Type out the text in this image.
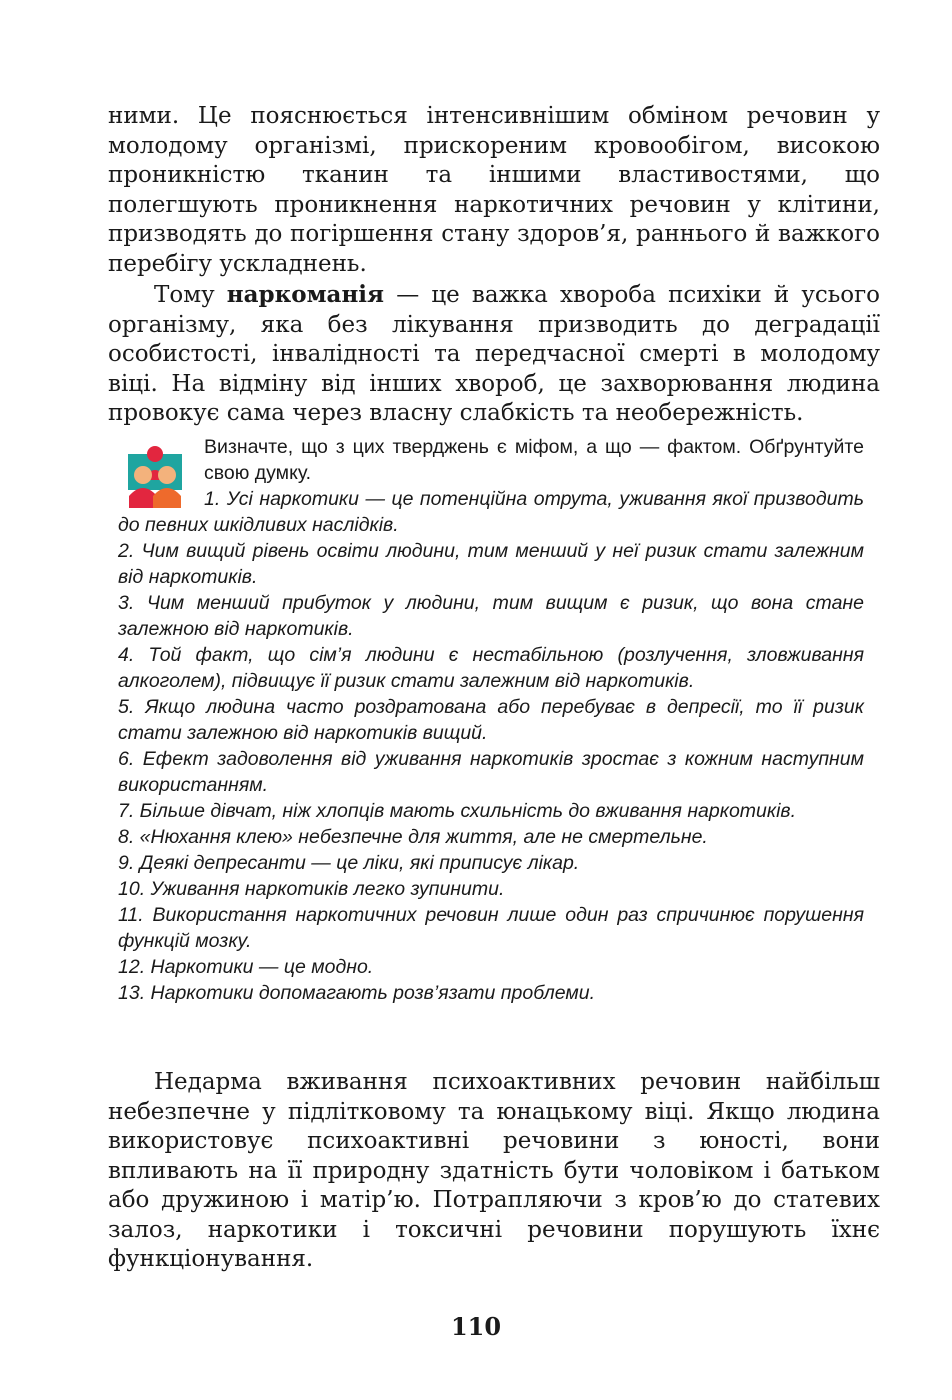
ними. Це пояснюється інтенсивнішим обміном речовин у молодому організмі, прискореним кровообігом, високою проникністю тканин та іншими властивостями, що полегшують проникнення наркотичних речовин у клітини, призводять до погіршення стану здоров’я, раннього й важкого перебігу ускладнень.

Тому наркоманія — це важка хвороба психіки й усього організму, яка без лікування призводить до деградації особистості, інвалідності та передчасної смерті в молодому віці. На відміну від інших хвороб, це захворювання людина провокує сама через власну слабкість та необережність.

Визначте, що з цих тверджень є міфом, а що — фактом. Обґрунтуйте свою думку.

1. Усі наркотики — це потенційна отрута, уживання якої призводить до певних шкідливих наслідків.
2. Чим вищий рівень освіти людини, тим менший у неї ризик стати залежним від наркотиків.
3. Чим менший прибуток у людини, тим вищим є ризик, що вона стане залежною від наркотиків.
4. Той факт, що сім’я людини є нестабільною (розлучення, зловживання алкоголем), підвищує її ризик стати залежним від наркотиків.
5. Якщо людина часто роздратована або перебуває в депресії, то її ризик стати залежною від наркотиків вищий.
6. Ефект задоволення від уживання наркотиків зростає з кожним наступним використанням.
7. Більше дівчат, ніж хлопців мають схильність до вживання наркотиків.
8. «Нюхання клею» небезпечне для життя, але не смертельне.
9. Деякі депресанти — це ліки, які приписує лікар.
10. Уживання наркотиків легко зупинити.
11. Використання наркотичних речовин лише один раз спричинює порушення функцій мозку.
12. Наркотики — це модно.
13. Наркотики допомагають розв’язати проблеми.

Недарма вживання психоактивних речовин найбільш небезпечне у підлітковому та юнацькому віці. Якщо людина використовує психоактивні речовини з юності, вони впливають на її природну здатність бути чоловіком і батьком або дружиною і матір’ю. Потрапляючи з кров’ю до статевих залоз, наркотики і токсичні речовини порушують їхнє функціонування.

110
